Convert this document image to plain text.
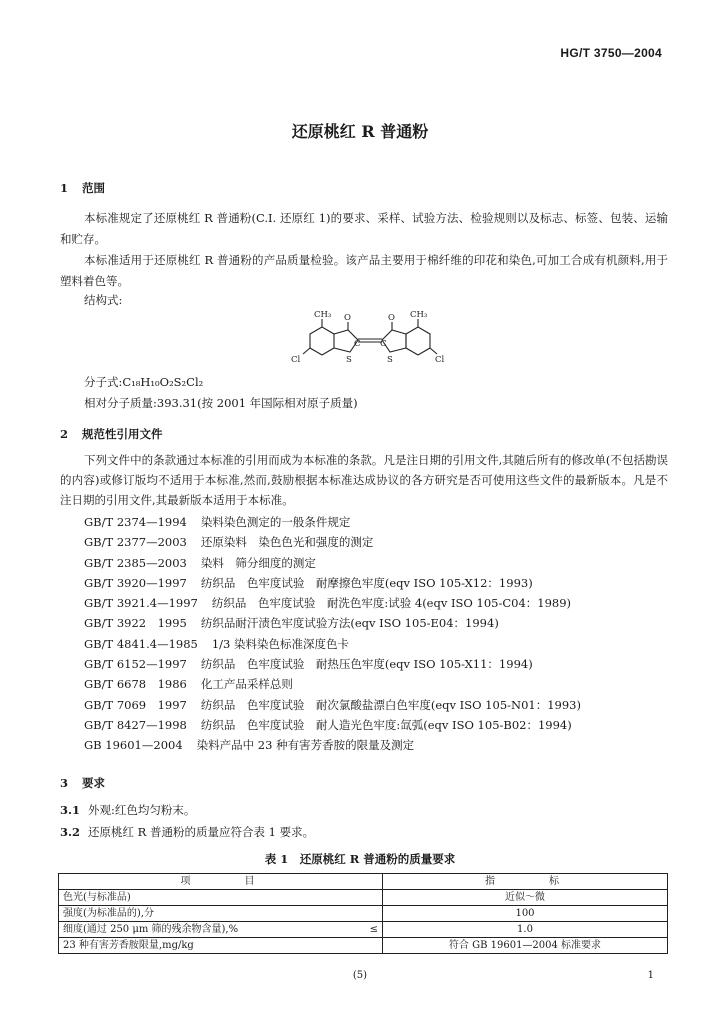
HG/T 3750—2004
还原桃红 R 普通粉
1 范围
本标准规定了还原桃红 R 普通粉(C.I. 还原红 1)的要求、采样、试验方法、检验规则以及标志、标签、包装、运输和贮存。
本标准适用于还原桃红 R 普通粉的产品质量检验。该产品主要用于棉纤维的印花和染色,可加工合成有机颜料,用于塑料着色等。
结构式:
CH₃ O	O CH₃
S	S
C C
Cl	Cl
分子式:C₁₈H₁₀O₂S₂Cl₂
相对分子质量:393.31(按 2001 年国际相对原子质量)
2 规范性引用文件
下列文件中的条款通过本标准的引用而成为本标准的条款。凡是注日期的引用文件,其随后所有的修改单(不包括勘误的内容)或修订版均不适用于本标准,然而,鼓励根据本标准达成协议的各方研究是否可使用这些文件的最新版本。凡是不注日期的引用文件,其最新版本适用于本标准。
GB/T 2374—1994 染料染色测定的一般条件规定
GB/T 2377—2003 还原染料　染色色光和强度的测定
GB/T 2385—2003 染料　筛分细度的测定
GB/T 3920—1997 纺织品　色牢度试验　耐摩擦色牢度(eqv ISO 105-X12：1993)
GB/T 3921.4—1997 纺织品　色牢度试验　耐洗色牢度:试验 4(eqv ISO 105-C04：1989)
GB/T 3922　1995 纺织品耐汗渍色牢度试验方法(eqv ISO 105-E04：1994)
GB/T 4841.4—1985 1/3 染料染色标准深度色卡
GB/T 6152—1997 纺织品　色牢度试验　耐热压色牢度(eqv ISO 105-X11：1994)
GB/T 6678　1986 化工产品采样总则
GB/T 7069　1997 纺织品　色牢度试验　耐次氯酸盐漂白色牢度(eqv ISO 105-N01：1993)
GB/T 8427—1998 纺织品　色牢度试验　耐人造光色牢度:氙弧(eqv ISO 105-B02：1994)
GB 19601—2004 染料产品中 23 种有害芳香胺的限量及测定
3 要求
3.1 外观:红色均匀粉末。
3.2 还原桃红 R 普通粉的质量应符合表 1 要求。
表 1　还原桃红 R 普通粉的质量要求
项　　　目	指　　　标
色光(与标准品)	近似～微
强度(为标准品的),分	100
细度(通过 250 μm 筛的残余物含量),% ≤	1.0
23 种有害芳香胺限量,mg/kg	符合 GB 19601—2004 标准要求
(5)	1
